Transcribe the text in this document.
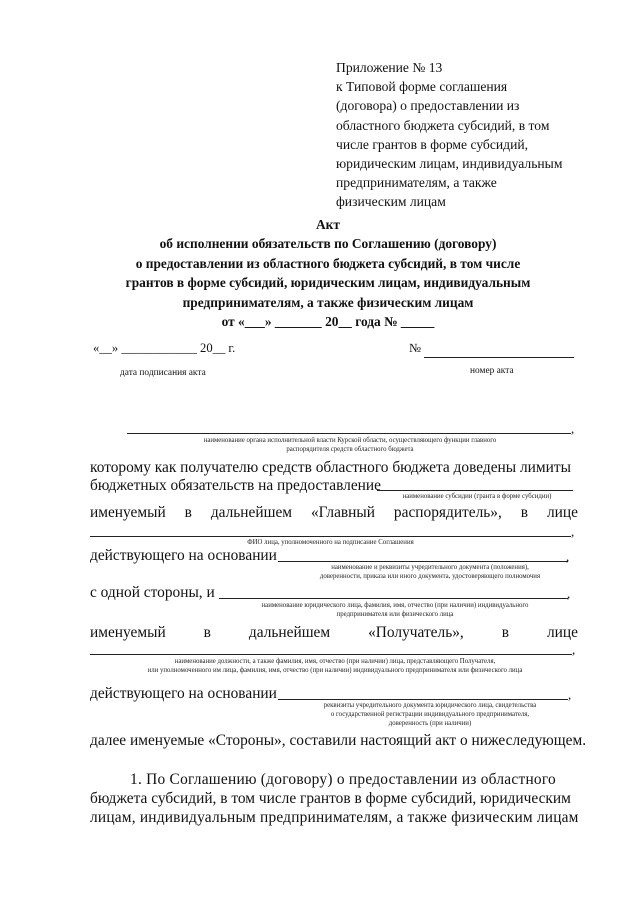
Приложение № 13
к Типовой форме соглашения
(договора) о предоставлении из
областного бюджета субсидий, в том
числе грантов в форме субсидий,
юридическим лицам, индивидуальным
предпринимателям, а также
физическим лицам
Акт
об исполнении обязательств по Соглашению (договору)
о предоставлении из областного бюджета субсидий, в том числе
грантов в форме субсидий, юридическим лицам, индивидуальным
предпринимателям, а также физическим лицам
от «___» _______ 20__ года № _____
«__» ____________ 20__ г.	№
дата подписания акта	номер акта
,
наименование органа исполнительной власти Курской области, осуществляющего функции главного
распорядителя средств областного бюджета
которому как получателю средств областного бюджета доведены лимиты
бюджетных обязательств на предоставление
наименование субсидии (гранта в форме субсидии)
именуемый в дальнейшем «Главный распорядитель», в лице
,
ФИО лица, уполномоченного на подписание Соглашения
действующего на основании	,
наименование и реквизиты учредительного документа (положения),
доверенности, приказа или иного документа, удостоверяющего полномочия
с одной стороны, и	,
наименование юридического лица, фамилия, имя, отчество (при наличии) индивидуального
предпринимателя или физического лица
именуемый в дальнейшем «Получатель», в лице
,
наименование должности, а также фамилия, имя, отчество (при наличии) лица, представляющего Получателя,
или уполномоченного им лица, фамилия, имя, отчество (при наличии) индивидуального предпринимателя или физического лица
действующего на основании	,
реквизиты учредительного документа юридического лица, свидетельства
о государственной регистрации индивидуального предпринимателя,
доверенность (при наличии)
далее именуемые «Стороны», составили настоящий акт о нижеследующем.
1. По Соглашению (договору) о предоставлении из областного
бюджета субсидий, в том числе грантов в форме субсидий, юридическим
лицам, индивидуальным предпринимателям, а также физическим лицам
